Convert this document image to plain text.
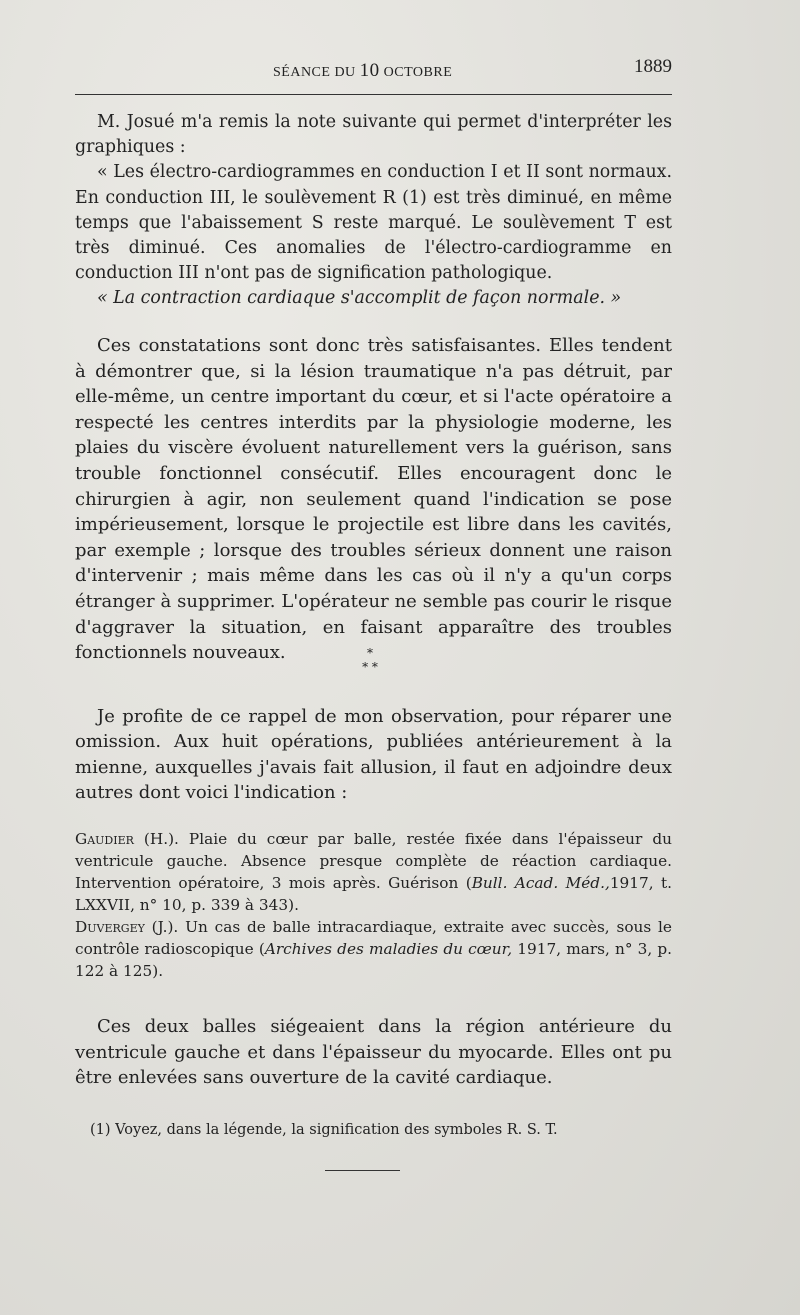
SÉANCE DU 10 OCTOBRE	1889

M. Josué m'a remis la note suivante qui permet d'interpréter les graphiques :

« Les électro-cardiogrammes en conduction I et II sont normaux. En conduction III, le soulèvement R (1) est très diminué, en même temps que l'abaissement S reste marqué. Le soulèvement T est très diminué. Ces anomalies de l'électro-cardiogramme en conduction III n'ont pas de signification pathologique.

« La contraction cardiaque s'accomplit de façon normale. »

Ces constatations sont donc très satisfaisantes. Elles tendent à démontrer que, si la lésion traumatique n'a pas détruit, par elle-même, un centre important du cœur, et si l'acte opératoire a respecté les centres interdits par la physiologie moderne, les plaies du viscère évoluent naturellement vers la guérison, sans trouble fonctionnel consécutif. Elles encouragent donc le chirurgien à agir, non seulement quand l'indication se pose impérieusement, lorsque le projectile est libre dans les cavités, par exemple ; lorsque des troubles sérieux donnent une raison d'intervenir ; mais même dans les cas où il n'y a qu'un corps étranger à supprimer. L'opérateur ne semble pas courir le risque d'aggraver la situation, en faisant apparaître des troubles fonctionnels nouveaux.	*
* *

Je profite de ce rappel de mon observation, pour réparer une omission. Aux huit opérations, publiées antérieurement à la mienne, auxquelles j'avais fait allusion, il faut en adjoindre deux autres dont voici l'indication :

Gaudier (H.). Plaie du cœur par balle, restée fixée dans l'épaisseur du ventricule gauche. Absence presque complète de réaction cardiaque. Intervention opératoire, 3 mois après. Guérison (Bull. Acad. Méd.,1917, t. LXXVII, n° 10, p. 339 à 343).

Duvergey (J.). Un cas de balle intracardiaque, extraite avec succès, sous le contrôle radioscopique (Archives des maladies du cœur, 1917, mars, n° 3, p. 122 à 125).

Ces deux balles siégeaient dans la région antérieure du ventricule gauche et dans l'épaisseur du myocarde. Elles ont pu être enlevées sans ouverture de la cavité cardiaque.

(1) Voyez, dans la légende, la signification des symboles R. S. T.
